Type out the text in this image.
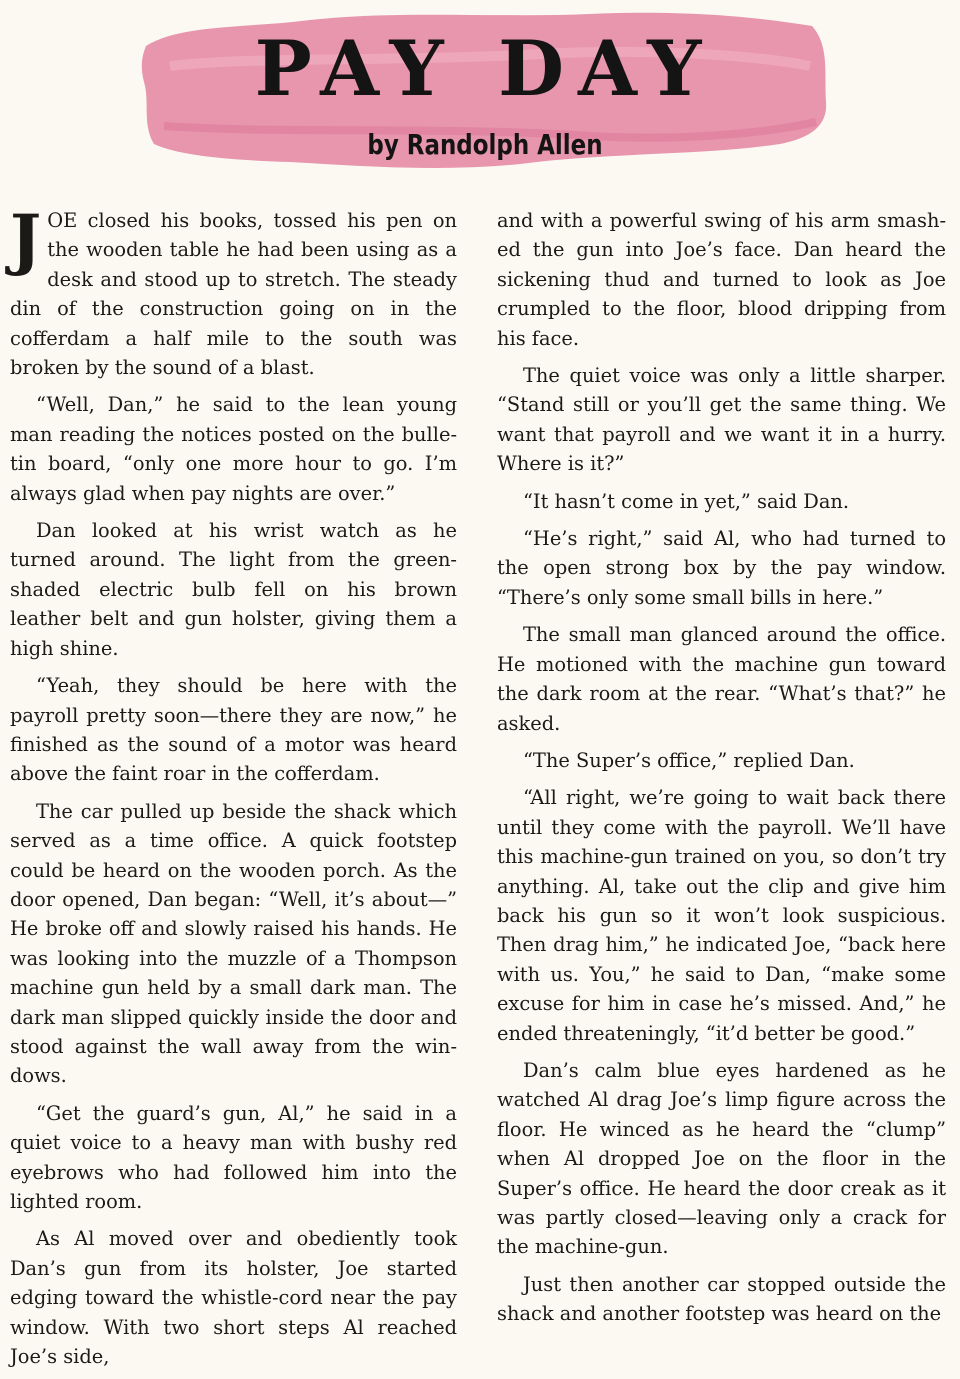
PAY DAY
by Randolph Allen

JOE closed his books, tossed his pen on the wooden table he had been using as a desk and stood up to stretch. The steady din of the construction going on in the cofferdam a half mile to the south was broken by the sound of a blast.

“Well, Dan,” he said to the lean young man reading the notices posted on the bulletin board, “only one more hour to go. I’m always glad when pay nights are over.”

Dan looked at his wrist watch as he turned around. The light from the green-shaded electric bulb fell on his brown leather belt and gun holster, giving them a high shine.

“Yeah, they should be here with the payroll pretty soon—there they are now,” he finished as the sound of a motor was heard above the faint roar in the cofferdam.

The car pulled up beside the shack which served as a time office. A quick footstep could be heard on the wooden porch. As the door opened, Dan began: “Well, it’s about—” He broke off and slowly raised his hands. He was looking into the muzzle of a Thompson machine gun held by a small dark man. The dark man slipped quickly inside the door and stood against the wall away from the windows.

“Get the guard’s gun, Al,” he said in a quiet voice to a heavy man with bushy red eyebrows who had followed him into the lighted room.

As Al moved over and obediently took Dan’s gun from its holster, Joe started edging toward the whistle-cord near the pay window. With two short steps Al reached Joe’s side,

and with a powerful swing of his arm smashed the gun into Joe’s face. Dan heard the sickening thud and turned to look as Joe crumpled to the floor, blood dripping from his face.

The quiet voice was only a little sharper. “Stand still or you’ll get the same thing. We want that payroll and we want it in a hurry. Where is it?”

“It hasn’t come in yet,” said Dan.

“He’s right,” said Al, who had turned to the open strong box by the pay window. “There’s only some small bills in here.”

The small man glanced around the office. He motioned with the machine gun toward the dark room at the rear. “What’s that?” he asked.

“The Super’s office,” replied Dan.

“All right, we’re going to wait back there until they come with the payroll. We’ll have this machine-gun trained on you, so don’t try anything. Al, take out the clip and give him back his gun so it won’t look suspicious. Then drag him,” he indicated Joe, “back here with us. You,” he said to Dan, “make some excuse for him in case he’s missed. And,” he ended threateningly, “it’d better be good.”

Dan’s calm blue eyes hardened as he watched Al drag Joe’s limp figure across the floor. He winced as he heard the “clump” when Al dropped Joe on the floor in the Super’s office. He heard the door creak as it was partly closed—leaving only a crack for the machine-gun.

Just then another car stopped outside the shack and another footstep was heard on the
